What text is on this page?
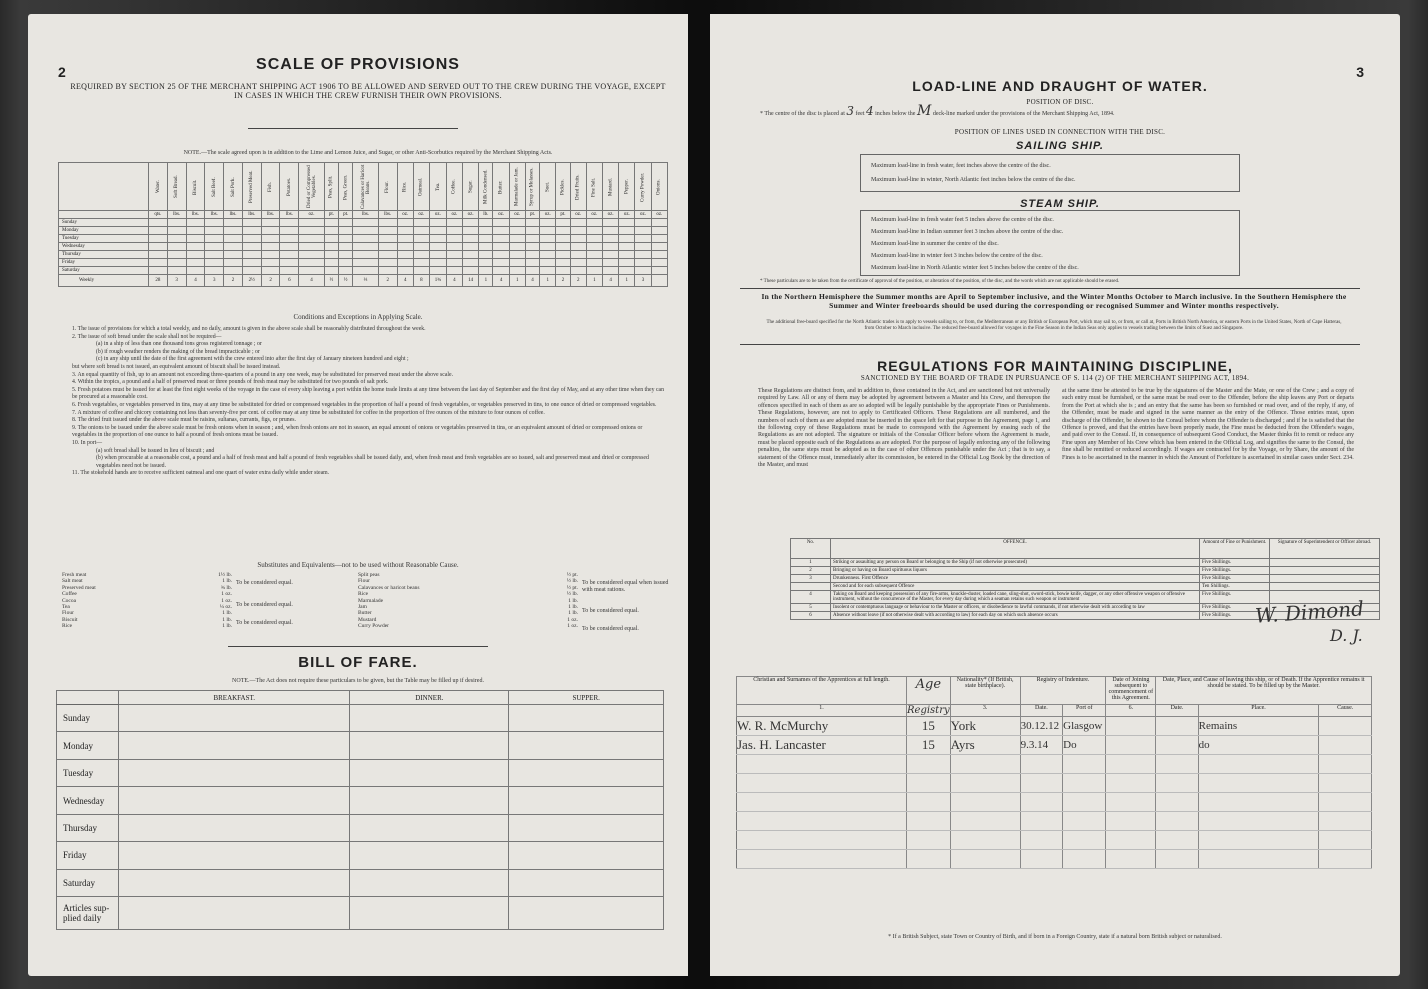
2	SCALE OF PROVISIONS
REQUIRED BY SECTION 25 OF THE MERCHANT SHIPPING ACT 1906 TO BE ALLOWED AND SERVED OUT TO THE CREW DURING THE VOYAGE, EXCEPT IN CASES IN WHICH THE CREW FURNISH THEIR OWN PROVISIONS.
NOTE.—The scale agreed upon is in addition to the Lime and Lemon Juice, and Sugar, or other Anti-Scorbutics required by the Merchant Shipping Acts.
	Water.	Soft Bread.	Biscuit.	Salt Beef.	Salt Pork.	Preserved Meat.	Fish.	Potatoes.	Dried or Compressed Vegetables.	Peas, Split.	Peas, Green.	Calavances or Haricot Beans.	Flour.	Rice.	Oatmeal.	Tea.	Coffee.	Sugar.	Milk Condensed.	Butter.	Marmalade or Jam.	Syrup or Molasses.	Suet.	Pickles.	Dried Fruits.	Fine Salt.	Mustard.	Pepper.	Curry Powder.	Onions.
	qts.	lbs.	lbs.	lbs.	lbs.	lbs.	lbs.	lbs.	oz.	pt.	pt.	lbs.	lbs.	oz.	oz.	oz.	oz.	oz.	lb.	oz.	oz.	pt.	oz.	pt.	oz.	oz.	oz.	oz.	oz.	oz.
Sunday																														
Monday																														
Tuesday																														
Wednesday																														
Thursday																														
Friday																														
Saturday																														
Weekly	28	3	4	3	2	2½	2	6	4	½	½	⅓	2	4	8	1¾	4	14	1	4	1	4	1	2	2	1	4	1	3	
Conditions and Exceptions in Applying Scale.
1. The issue of provisions for which a total weekly, and no daily, amount is given in the above scale shall be reasonably distributed throughout the week.
2. The issue of soft bread under the scale shall not be required—
(a) in a ship of less than one thousand tons gross registered tonnage ; or
(b) if rough weather renders the making of the bread impracticable ; or
(c) in any ship until the date of the first agreement with the crew entered into after the first day of January nineteen hundred and eight ;
but where soft bread is not issued, an equivalent amount of biscuit shall be issued instead.
3. An equal quantity of fish, up to an amount not exceeding three-quarters of a pound in any one week, may be substituted for preserved meat under the above scale.
4. Within the tropics, a pound and a half of preserved meat or three pounds of fresh meat may be substituted for two pounds of salt pork.
5. Fresh potatoes must be issued for at least the first eight weeks of the voyage in the case of every ship leaving a port within the home trade limits at any time between the last day of September and the first day of May, and at any other time when they can be procured at a reasonable cost.
6. Fresh vegetables, or vegetables preserved in tins, may at any time be substituted for dried or compressed vegetables in the proportion of half a pound of fresh vegetables, or vegetables preserved in tins, to one ounce of dried or compressed vegetables.
7. A mixture of coffee and chicory containing not less than seventy-five per cent. of coffee may at any time be substituted for coffee in the proportion of five ounces of the mixture to four ounces of coffee.
8. The dried fruit issued under the above scale must be raisins, sultanas, currants, figs, or prunes.
9. The onions to be issued under the above scale must be fresh onions when in season ; and, when fresh onions are not in season, an equal amount of onions or vegetables preserved in tins, or an equivalent amount of dried or compressed onions or vegetables in the proportion of one ounce to half a pound of fresh onions must be issued.
10. In port—
(a) soft bread shall be issued in lieu of biscuit ; and
(b) when procurable at a reasonable cost, a pound and a half of fresh meat and half a pound of fresh vegetables shall be issued daily, and, when fresh meat and fresh vegetables are so issued, salt and preserved meat and dried or compressed vegetables need not be issued.
11. The stokehold hands are to receive sufficient oatmeal and one quart of water extra daily while under steam.
Substitutes and Equivalents—not to be used without Reasonable Cause.
Fresh meat	1½ lb.
Salt meat	1 lb.
Preserved meat	¾ lb.
Coffee	1 oz.
Cocoa	1 oz.
Tea	¼ oz.
Flour	1 lb.
Biscuit	1 lb.
Rice	1 lb.
To be considered equal.
To be considered equal.
To be considered equal.
Split peas	½ pt.
Flour	½ lb.
Calavances or haricot beans	½ pt.
Rice	½ lb.
Marmalade	1 lb.
Jam	1 lb.
Butter	1 lb.
Mustard	1 oz.
Curry Powder	1 oz.
To be considered equal when issued with meat rations.
To be considered equal.
To be considered equal.
BILL OF FARE.
NOTE.—The Act does not require these particulars to be given, but the Table may be filled up if desired.
	BREAKFAST.	DINNER.	SUPPER.
Sunday			
Monday			
Tuesday			
Wednesday			
Thursday			
Friday			
Saturday			
Articles sup-plied daily			
3
LOAD-LINE AND DRAUGHT OF WATER.
POSITION OF DISC.
* The centre of the disc is placed at 3 feet 4 inches below the M deck-line marked under the provisions of the Merchant Shipping Act, 1894.
POSITION OF LINES USED IN CONNECTION WITH THE DISC.
SAILING SHIP.
Maximum load-line in fresh water, feet inches above the centre of the disc.
Maximum load-line in winter, North Atlantic feet inches below the centre of the disc.
STEAM SHIP.
Maximum load-line in fresh water feet 5 inches above the centre of the disc.
Maximum load-line in Indian summer feet 3 inches above the centre of the disc.
Maximum load-line in summer the centre of the disc.
Maximum load-line in winter feet 3 inches below the centre of the disc.
Maximum load-line in North Atlantic winter feet 5 inches below the centre of the disc.
* These particulars are to be taken from the certificate of approval of the position, or alteration of the position, of the disc, and the words which are not applicable should be erased.
In the Northern Hemisphere the Summer months are April to September inclusive, and the Winter Months October to March inclusive. In the Southern Hemisphere the Summer and Winter freeboards should be used during the corresponding or recognised Summer and Winter months respectively.
The additional free-board specified for the North Atlantic trades is to apply to vessels sailing to, or from, the Mediterranean or any British or European Port, which may sail to, or from, or call at, Ports in British North America, or eastern Ports in the United States, North of Cape Hatteras, from October to March inclusive. The reduced free-board allowed for voyages in the Fine Season in the Indian Seas only applies to vessels trading between the limits of Suez and Singapore.
REGULATIONS FOR MAINTAINING DISCIPLINE,
SANCTIONED BY THE BOARD OF TRADE IN PURSUANCE OF S. 114 (2) OF THE MERCHANT SHIPPING ACT, 1894.
These Regulations are distinct from, and in addition to, those contained in the Act, and are sanctioned but not universally required by Law. All or any of them may be adopted by agreement between a Master and his Crew, and thereupon the offences specified in each of them as are so adopted will be legally punishable by the appropriate Fines or Punishments. These Regulations, however, are not to apply to Certificated Officers. These Regulations are all numbered, and the numbers of such of them as are adopted must be inserted in the space left for that purpose in the Agreement, page 1, and the following copy of these Regulations must be made to correspond with the Agreement by erasing such of the Regulations as are not adopted. The signature or initials of the Consular Officer before whom the Agreement is made, must be placed opposite each of the Regulations as are adopted. For the purpose of legally enforcing any of the following penalties, the same steps must be adopted as in the case of other Offences punishable under the Act ; that is to say, a statement of the Offence must, immediately after its commission, be entered in the Official Log Book by the direction of the Master, and must
at the same time be attested to be true by the signatures of the Master and the Mate, or one of the Crew ; and a copy of such entry must be furnished, or the same must be read over to the Offender, before the ship leaves any Port or departs from the Port at which she is ; and an entry that the same has been so furnished or read over, and of the reply, if any, of the Offender, must be made and signed in the same manner as the entry of the Offence. Those entries must, upon discharge of the Offender, be shown to the Consul before whom the Offender is discharged ; and if he is satisfied that the Offence is proved, and that the entries have been properly made, the Fine must be deducted from the Offender's wages, and paid over to the Consul. If, in consequence of subsequent Good Conduct, the Master thinks fit to remit or reduce any Fine upon any Member of his Crew which has been entered in the Official Log, and signifies the same to the Consul, the fine shall be remitted or reduced accordingly. If wages are contracted for by the Voyage, or by Share, the amount of the Fines is to be ascertained in the manner in which the Amount of Forfeiture is ascertained in similar cases under Sect. 234.
No.	OFFENCE.	Amount of Fine or Punishment.	Signature of Superintendent or Officer abroad.
1	Striking or assaulting any person on Board or belonging to the Ship (if not otherwise prosecuted)	Five Shillings.	
2	Bringing or having on Board spirituous liquors	Five Shillings.	
3	Drunkenness. First Offence	Five Shillings.	
	Second and for each subsequent Offence	Ten Shillings.	
4	Taking on Board and keeping possession of any fire-arms, knuckle-duster, loaded cane, sling-shot, sword-stick, bowie knife, dagger, or any other offensive weapon or offensive instrument, without the concurrence of the Master, for every day during which a seaman retains such weapon or instrument	Five Shillings.	
5	Insolent or contemptuous language or behaviour to the Master or officers, or disobedience to lawful commands, if not otherwise dealt with according to law	Five Shillings.	
6	Absence without leave (if not otherwise dealt with according to law) for each day on which such absence occurs	Five Shillings.	W. Dimond
D. J.
Christian and Surnames of the Apprentices at full length.	Age	Nationality* (If British, state birthplace).	Registry of Indenture.		Date of Joining subsequent to commencement of this Agreement.	Date, Place, and Cause of leaving this ship, or of Death. If the Apprentice remains it should be stated. To be filled up by the Master.		
1.	Registry	3.	Date.	Port of	6.	Date.	Place.	Cause.
W. R. McMurchy	15	York	30.12.12	Glasgow			Remains	
Jas. H. Lancaster	15	Ayrs	9.3.14	Do			do	

* If a British Subject, state Town or Country of Birth, and if born in a Foreign Country, state if a natural born British subject or naturalised.
